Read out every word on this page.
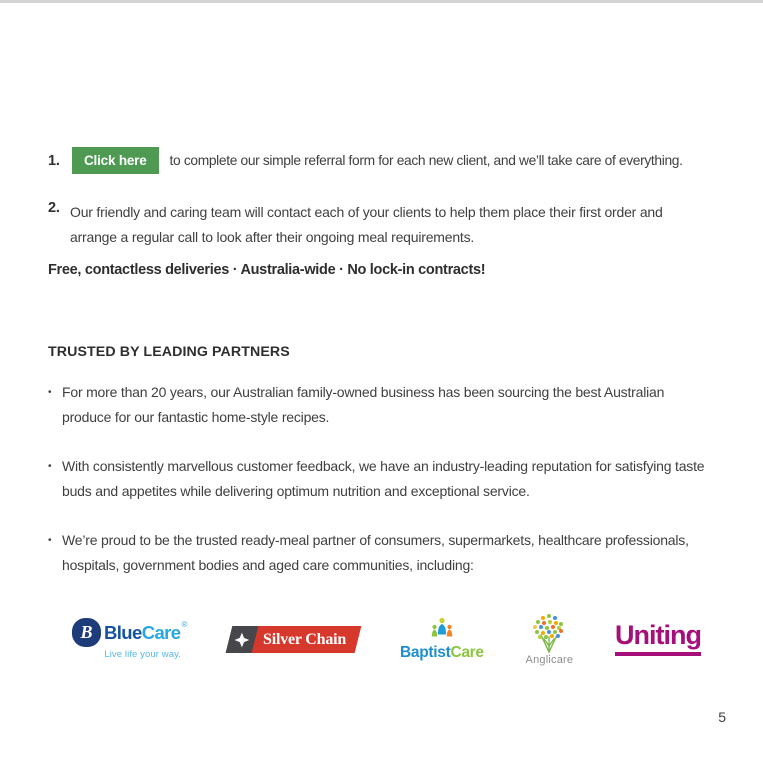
1.	Click here	to complete our simple referral form for each new client, and we’ll take care of everything.
2. Our friendly and caring team will contact each of your clients to help them place their first order and arrange a regular call to look after their ongoing meal requirements.
Free, contactless deliveries · Australia-wide · No lock-in contracts!
TRUSTED BY LEADING PARTNERS
• For more than 20 years, our Australian family-owned business has been sourcing the best Australian produce for our fantastic home-style recipes.
• With consistently marvellous customer feedback, we have an industry-leading reputation for satisfying taste buds and appetites while delivering optimum nutrition and exceptional service.
• We’re proud to be the trusted ready-meal partner of consumers, supermarkets, healthcare professionals, hospitals, government bodies and aged care communities, including:
B Blue Care ®
Live life your way.
Silver Chain
BaptistCare	Anglicare
Uniting
5
